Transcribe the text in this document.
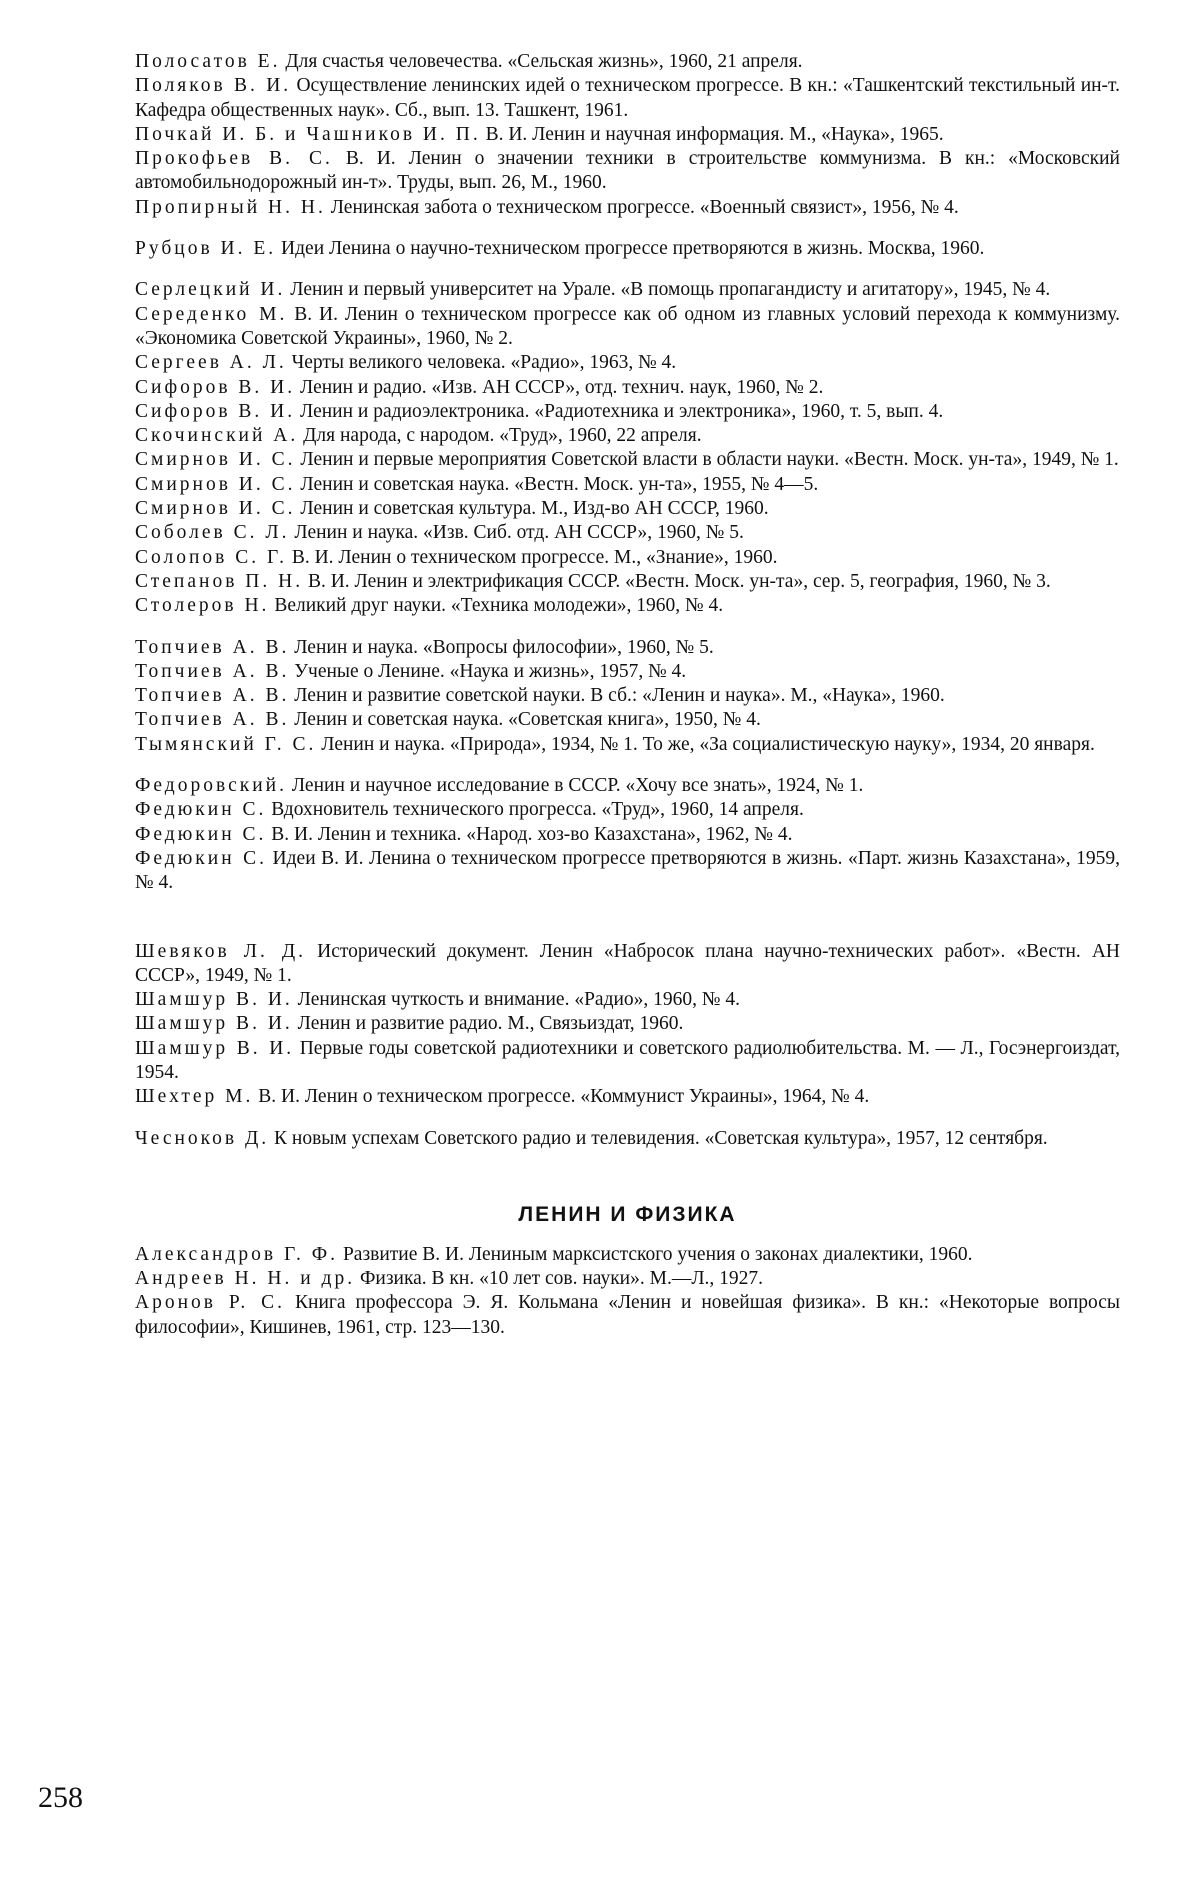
Полосатов Е. Для счастья человечества. «Сельская жизнь», 1960, 21 апреля.

Поляков В. И. Осуществление ленинских идей о техническом прогрессе. В кн.: «Ташкентский текстильный ин-т. Кафедра общественных наук». Сб., вып. 13. Ташкент, 1961.

Почкай И. Б. и Чашников И. П. В. И. Ленин и научная информация. М., «Наука», 1965.

Прокофьев В. С. В. И. Ленин о значении техники в строительстве коммунизма. В кн.: «Московский автомобильнодорожный ин-т». Труды, вып. 26, М., 1960.

Пропирный Н. Н. Ленинская забота о техническом прогрессе. «Военный связист», 1956, № 4.

Рубцов И. Е. Идеи Ленина о научно-техническом прогрессе претворяются в жизнь. Москва, 1960.

Серлецкий И. Ленин и первый университет на Урале. «В помощь пропагандисту и агитатору», 1945, № 4.

Середенко М. В. И. Ленин о техническом прогрессе как об одном из главных условий перехода к коммунизму. «Экономика Советской Украины», 1960, № 2.

Сергеев А. Л. Черты великого человека. «Радио», 1963, № 4.

Сифоров В. И. Ленин и радио. «Изв. АН СССР», отд. технич. наук, 1960, № 2.

Сифоров В. И. Ленин и радиоэлектроника. «Радиотехника и электроника», 1960, т. 5, вып. 4.

Скочинский А. Для народа, с народом. «Труд», 1960, 22 апреля.

Смирнов И. С. Ленин и первые мероприятия Советской власти в области науки. «Вестн. Моск. ун-та», 1949, № 1.

Смирнов И. С. Ленин и советская наука. «Вестн. Моск. ун-та», 1955, № 4—5.

Смирнов И. С. Ленин и советская культура. М., Изд-во АН СССР, 1960.

Соболев С. Л. Ленин и наука. «Изв. Сиб. отд. АН СССР», 1960, № 5.

Солопов С. Г. В. И. Ленин о техническом прогрессе. М., «Знание», 1960.

Степанов П. Н. В. И. Ленин и электрификация СССР. «Вестн. Моск. ун-та», сер. 5, география, 1960, № 3.

Столеров Н. Великий друг науки. «Техника молодежи», 1960, № 4.

Топчиев А. В. Ленин и наука. «Вопросы философии», 1960, № 5.

Топчиев А. В. Ученые о Ленине. «Наука и жизнь», 1957, № 4.

Топчиев А. В. Ленин и развитие советской науки. В сб.: «Ленин и наука». М., «Наука», 1960.

Топчиев А. В. Ленин и советская наука. «Советская книга», 1950, № 4.

Тымянский Г. С. Ленин и наука. «Природа», 1934, № 1. То же, «За социалистическую науку», 1934, 20 января.

Федоровский. Ленин и научное исследование в СССР. «Хочу все знать», 1924, № 1.

Федюкин С. Вдохновитель технического прогресса. «Труд», 1960, 14 апреля.

Федюкин С. В. И. Ленин и техника. «Народ. хоз-во Казахстана», 1962, № 4.

Федюкин С. Идеи В. И. Ленина о техническом прогрессе претворяются в жизнь. «Парт. жизнь Казахстана», 1959, № 4.

Шевяков Л. Д. Исторический документ. Ленин «Набросок плана научно-технических работ». «Вестн. АН СССР», 1949, № 1.

Шамшур В. И. Ленинская чуткость и внимание. «Радио», 1960, № 4.

Шамшур В. И. Ленин и развитие радио. М., Связьиздат, 1960.

Шамшур В. И. Первые годы советской радиотехники и советского радиолюбительства. М. — Л., Госэнергоиздат, 1954.

Шехтер М. В. И. Ленин о техническом прогрессе. «Коммунист Украины», 1964, № 4.

Чесноков Д. К новым успехам Советского радио и телевидения. «Советская культура», 1957, 12 сентября.

ЛЕНИН И ФИЗИКА

Александров Г. Ф. Развитие В. И. Лениным марксистского учения о законах диалектики, 1960.

Андреев Н. Н. и др. Физика. В кн. «10 лет сов. науки». М.—Л., 1927.

Аронов Р. С. Книга профессора Э. Я. Кольмана «Ленин и новейшая физика». В кн.: «Некоторые вопросы философии», Кишинев, 1961, стр. 123—130.

258
